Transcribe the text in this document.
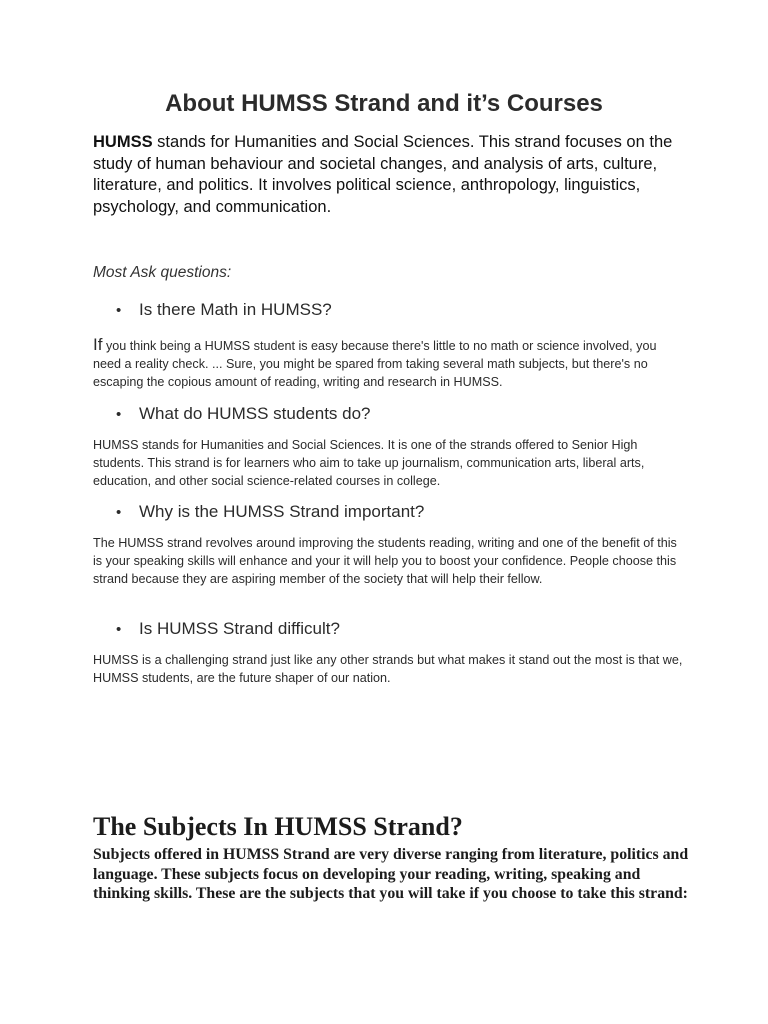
About HUMSS Strand and it’s Courses

HUMSS stands for Humanities and Social Sciences. This strand focuses on the study of human behaviour and societal changes, and analysis of arts, culture, literature, and politics. It involves political science, anthropology, linguistics, psychology, and communication.

Most Ask questions:

• Is there Math in HUMSS?

If you think being a HUMSS student is easy because there's little to no math or science involved, you need a reality check. ... Sure, you might be spared from taking several math subjects, but there's no escaping the copious amount of reading, writing and research in HUMSS.

• What do HUMSS students do?

HUMSS stands for Humanities and Social Sciences. It is one of the strands offered to Senior High students. This strand is for learners who aim to take up journalism, communication arts, liberal arts, education, and other social science-related courses in college.

• Why is the HUMSS Strand important?

The HUMSS strand revolves around improving the students reading, writing and one of the benefit of this is your speaking skills will enhance and your it will help you to boost your confidence. People choose this strand because they are aspiring member of the society that will help their fellow.

• Is HUMSS Strand difficult?

HUMSS is a challenging strand just like any other strands but what makes it stand out the most is that we, HUMSS students, are the future shaper of our nation.

The Subjects In HUMSS Strand?

Subjects offered in HUMSS Strand are very diverse ranging from literature, politics and language. These subjects focus on developing your reading, writing, speaking and thinking skills. These are the subjects that you will take if you choose to take this strand:
